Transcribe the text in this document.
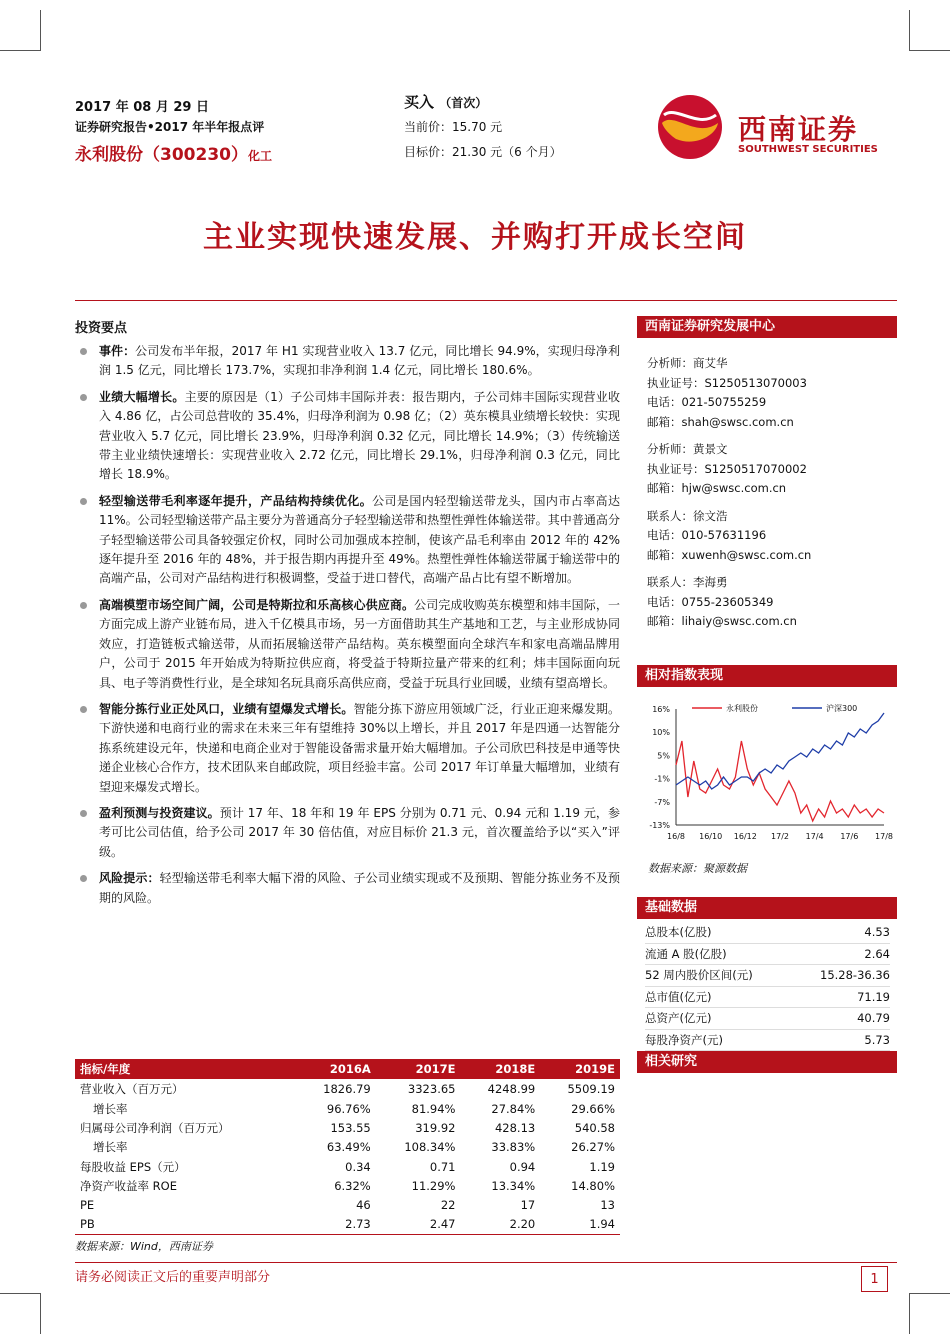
2017 年 08 月 29 日
证券研究报告•2017 年半年报点评
永利股份（300230）化工
买入 （首次）
当前价：15.70 元
目标价：21.30 元（6 个月）
西南证券
SOUTHWEST SECURITIES
主业实现快速发展、并购打开成长空间
投资要点
事件：公司发布半年报，2017 年 H1 实现营业收入 13.7 亿元，同比增长 94.9%，实现归母净利润 1.5 亿元，同比增长 173.7%，实现扣非净利润 1.4 亿元，同比增长 180.6%。
业绩大幅增长。主要的原因是（1）子公司炜丰国际并表：报告期内，子公司炜丰国际实现营业收入 4.86 亿，占公司总营收的 35.4%，归母净利润为 0.98 亿；（2）英东模具业绩增长较快：实现营业收入 5.7 亿元，同比增长 23.9%，归母净利润 0.32 亿元，同比增长 14.9%；（3）传统输送带主业业绩快速增长：实现营业收入 2.72 亿元，同比增长 29.1%，归母净利润 0.3 亿元，同比增长 18.9%。
轻型输送带毛利率逐年提升，产品结构持续优化。公司是国内轻型输送带龙头，国内市占率高达 11%。公司轻型输送带产品主要分为普通高分子轻型输送带和热塑性弹性体输送带。其中普通高分子轻型输送带公司具备较强定价权，同时公司加强成本控制，使该产品毛利率由 2012 年的 42%逐年提升至 2016 年的 48%，并于报告期内再提升至 49%。热塑性弹性体输送带属于输送带中的高端产品，公司对产品结构进行积极调整，受益于进口替代，高端产品占比有望不断增加。
高端模塑市场空间广阔，公司是特斯拉和乐高核心供应商。公司完成收购英东模塑和炜丰国际，一方面完成上游产业链布局，进入千亿模具市场，另一方面借助其生产基地和工艺，与主业形成协同效应，打造链板式输送带，从而拓展输送带产品结构。英东模塑面向全球汽车和家电高端品牌用户，公司于 2015 年开始成为特斯拉供应商，将受益于特斯拉量产带来的红利；炜丰国际面向玩具、电子等消费性行业，是全球知名玩具商乐高供应商，受益于玩具行业回暖，业绩有望高增长。
智能分拣行业正处风口，业绩有望爆发式增长。智能分拣下游应用领域广泛，行业正迎来爆发期。下游快递和电商行业的需求在未来三年有望维持 30%以上增长，并且 2017 年是四通一达智能分拣系统建设元年，快递和电商企业对于智能设备需求量开始大幅增加。子公司欣巴科技是申通等快递企业核心合作方，技术团队来自邮政院，项目经验丰富。公司 2017 年订单量大幅增加，业绩有望迎来爆发式增长。
盈利预测与投资建议。预计 17 年、18 年和 19 年 EPS 分别为 0.71 元、0.94 元和 1.19 元，参考可比公司估值，给予公司 2017 年 30 倍估值，对应目标价 21.3 元，首次覆盖给予以“买入”评级。
风险提示：轻型输送带毛利率大幅下滑的风险、子公司业绩实现或不及预期、智能分拣业务不及预期的风险。
西南证券研究发展中心
分析师：商艾华
执业证号：S1250513070003
电话：021-50755259
邮箱：shah@swsc.com.cn
分析师：黄景文
执业证号：S1250517070002
邮箱：hjw@swsc.com.cn
联系人：徐文浩
电话：010-57631196
邮箱：xuwenh@swsc.com.cn
联系人：李海勇
电话：0755-23605349
邮箱：lihaiy@swsc.com.cn
相对指数表现
16%
10%
5%
-1%
-7%
-13%
16/8 16/10 16/12 17/2 17/4 17/6 17/8
永利股份	沪深300
数据来源：聚源数据
基础数据
总股本(亿股)	4.53
流通 A 股(亿股)	2.64
52 周内股价区间(元)	15.28-36.36
总市值(亿元)	71.19
总资产(亿元)	40.79
每股净资产(元)	5.73
相关研究
指标/年度	2016A	2017E	2018E	2019E
营业收入（百万元）	1826.79	3323.65	4248.99	5509.19
增长率	96.76%	81.94%	27.84%	29.66%
归属母公司净利润（百万元）	153.55	319.92	428.13	540.58
增长率	63.49%	108.34%	33.83%	26.27%
每股收益 EPS（元）	0.34	0.71	0.94	1.19
净资产收益率 ROE	6.32%	11.29%	13.34%	14.80%
PE	46	22	17	13
PB	2.73	2.47	2.20	1.94
数据来源：Wind，西南证券
请务必阅读正文后的重要声明部分	1
